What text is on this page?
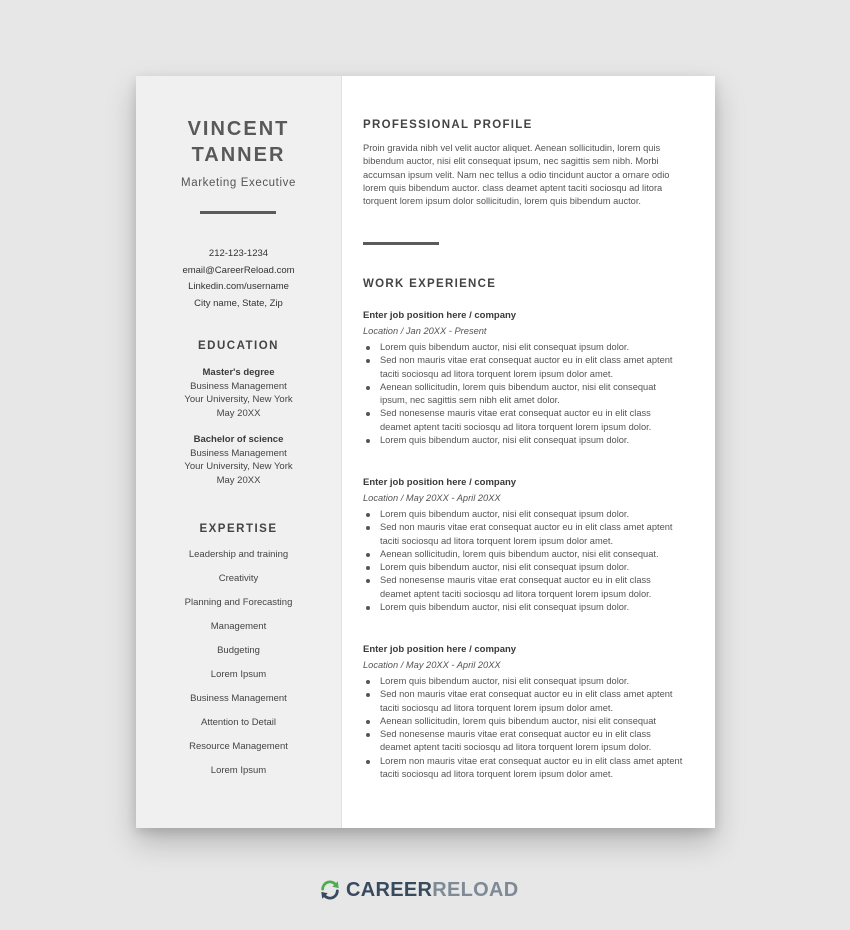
VINCENT
TANNER
Marketing Executive
212-123-1234
email@CareerReload.com
Linkedin.com/username
City name, State, Zip
EDUCATION
Master's degree
Business Management
Your University, New York
May 20XX
Bachelor of science
Business Management
Your University, New York
May 20XX
EXPERTISE
Leadership and training
Creativity
Planning and Forecasting
Management
Budgeting
Lorem Ipsum
Business Management
Attention to Detail
Resource Management
Lorem Ipsum
PROFESSIONAL PROFILE
Proin gravida nibh vel velit auctor aliquet. Aenean sollicitudin, lorem quis bibendum auctor, nisi elit consequat ipsum, nec sagittis sem nibh. Morbi accumsan ipsum velit. Nam nec tellus a odio tincidunt auctor a ornare odio lorem quis bibendum auctor. class deamet aptent taciti sociosqu ad litora torquent lorem ipsum dolor sollicitudin, lorem quis bibendum auctor.
WORK EXPERIENCE
Enter job position here / company
Location / Jan 20XX - Present
Lorem quis bibendum auctor, nisi elit consequat ipsum dolor.
Sed non mauris vitae erat consequat auctor eu in elit class amet aptent taciti sociosqu ad litora torquent lorem ipsum dolor amet.
Aenean sollicitudin, lorem quis bibendum auctor, nisi elit consequat ipsum, nec sagittis sem nibh elit amet dolor.
Sed nonesense mauris vitae erat consequat auctor eu in elit class deamet aptent taciti sociosqu ad litora torquent lorem ipsum dolor.
Lorem quis bibendum auctor, nisi elit consequat ipsum dolor.
Enter job position here / company
Location / May 20XX - April 20XX
Lorem quis bibendum auctor, nisi elit consequat ipsum dolor.
Sed non mauris vitae erat consequat auctor eu in elit class amet aptent taciti sociosqu ad litora torquent lorem ipsum dolor amet.
Aenean sollicitudin, lorem quis bibendum auctor, nisi elit consequat.
Lorem quis bibendum auctor, nisi elit consequat ipsum dolor.
Sed nonesense mauris vitae erat consequat auctor eu in elit class deamet aptent taciti sociosqu ad litora torquent lorem ipsum dolor.
Lorem quis bibendum auctor, nisi elit consequat ipsum dolor.
Enter job position here / company
Location / May 20XX - April 20XX
Lorem quis bibendum auctor, nisi elit consequat ipsum dolor.
Sed non mauris vitae erat consequat auctor eu in elit class amet aptent taciti sociosqu ad litora torquent lorem ipsum dolor amet.
Aenean sollicitudin, lorem quis bibendum auctor, nisi elit consequat
Sed nonesense mauris vitae erat consequat auctor eu in elit class deamet aptent taciti sociosqu ad litora torquent lorem ipsum dolor.
Lorem non mauris vitae erat consequat auctor eu in elit class amet aptent taciti sociosqu ad litora torquent lorem ipsum dolor amet.
CAREERRELOAD
